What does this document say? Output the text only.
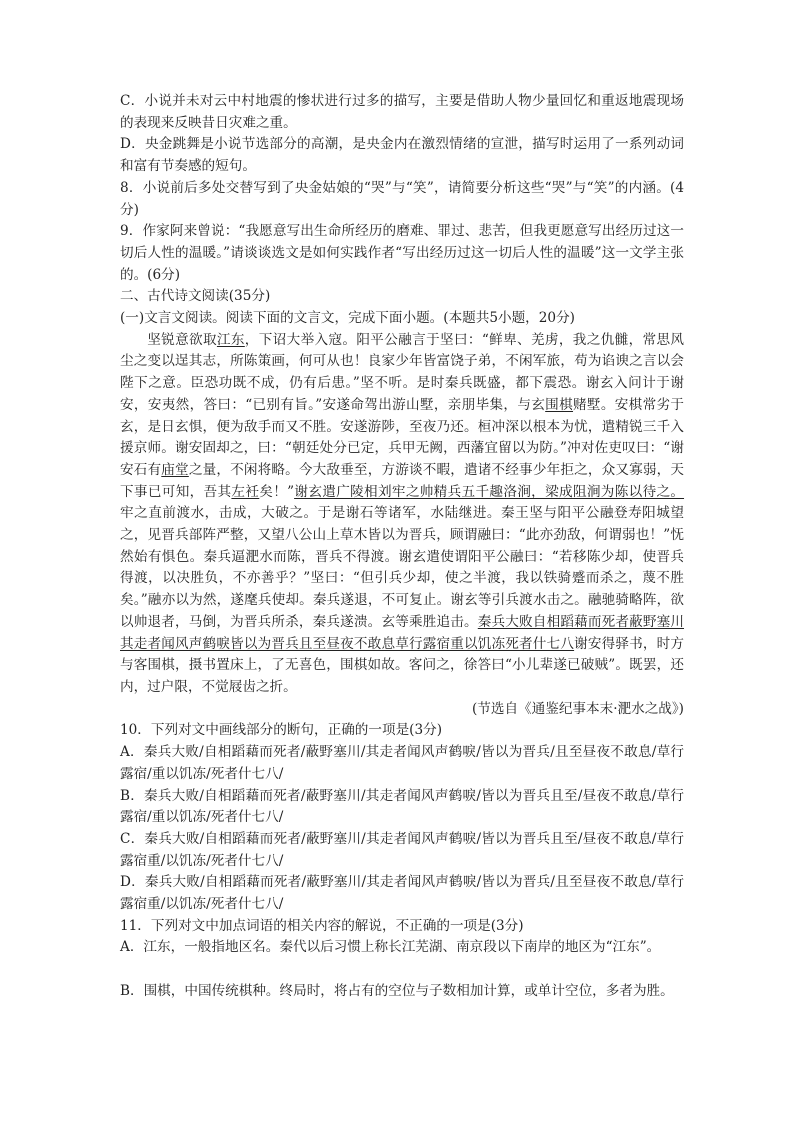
C．小说并未对云中村地震的惨状进行过多的描写，主要是借助人物少量回忆和重返地震现场的表现来反映昔日灾难之重。

D．央金跳舞是小说节选部分的高潮，是央金内在激烈情绪的宣泄，描写时运用了一系列动词和富有节奏感的短句。

8．小说前后多处交替写到了央金姑娘的“哭”与“笑”，请简要分析这些“哭”与“笑”的内涵。(4分)

9．作家阿来曾说：“我愿意写出生命所经历的磨难、罪过、悲苦，但我更愿意写出经历过这一切后人性的温暖。”请谈谈选文是如何实践作者“写出经历过这一切后人性的温暖”这一文学主张的。(6分)

二、古代诗文阅读(35分)

(一)文言文阅读。阅读下面的文言文，完成下面小题。(本题共5小题，20分)

坚锐意欲取江东，下诏大举入寇。阳平公融言于坚曰：“鲜卑、羌虏，我之仇雠，常思风尘之变以逞其志，所陈策画，何可从也！良家少年皆富饶子弟，不闲军旅，苟为谄谀之言以会陛下之意。臣恐功既不成，仍有后患。”坚不听。是时秦兵既盛，都下震恐。谢玄入问计于谢安，安夷然，答曰：“已别有旨。”安遂命驾出游山墅，亲朋毕集，与玄围棋赌墅。安棋常劣于玄，是日玄惧，便为敌手而又不胜。安遂游陟，至夜乃还。桓冲深以根本为忧，遣精锐三千入援京师。谢安固却之，曰：“朝廷处分已定，兵甲无阙，西藩宜留以为防。”冲对佐吏叹曰：“谢安石有庙堂之量，不闲将略。今大敌垂至，方游谈不暇，遣诸不经事少年拒之，众又寡弱，天下事已可知，吾其左衽矣！”谢玄遣广陵相刘牢之帅精兵五千趣洛涧，梁成阻涧为陈以待之。牢之直前渡水，击成，大破之。于是谢石等诸军，水陆继进。秦王坚与阳平公融登寿阳城望之，见晋兵部阵严整，又望八公山上草木皆以为晋兵，顾谓融曰：“此亦劲敌，何谓弱也！”怃然始有惧色。秦兵逼淝水而陈，晋兵不得渡。谢玄遣使谓阳平公融曰：“若移陈少却，使晋兵得渡，以决胜负，不亦善乎？”坚曰：“但引兵少却，使之半渡，我以铁骑蹙而杀之，蔑不胜矣。”融亦以为然，遂麾兵使却。秦兵遂退，不可复止。谢玄等引兵渡水击之。融驰骑略阵，欲以帅退者，马倒，为晋兵所杀，秦兵遂溃。玄等乘胜追击。秦兵大败自相蹈藉而死者蔽野塞川其走者闻风声鹤唳皆以为晋兵且至昼夜不敢息草行露宿重以饥冻死者什七八谢安得驿书，时方与客围棋，摄书置床上，了无喜色，围棋如故。客问之，徐答曰“小儿辈遂已破贼”。既罢，还内，过户限，不觉屐齿之折。

(节选自《通鉴纪事本末·淝水之战》)

10．下列对文中画线部分的断句，正确的一项是(3分)

A．秦兵大败/自相蹈藉而死者/蔽野塞川/其走者闻风声鹤唳/皆以为晋兵/且至昼夜不敢息/草行露宿/重以饥冻/死者什七八/

B．秦兵大败/自相蹈藉而死者/蔽野塞川/其走者闻风声鹤唳/皆以为晋兵且至/昼夜不敢息/草行露宿/重以饥冻/死者什七八/

C．秦兵大败/自相蹈藉而死者/蔽野塞川/其走者闻风声鹤唳/皆以为晋兵且至/昼夜不敢息/草行露宿重/以饥冻/死者什七八/

D．秦兵大败/自相蹈藉而死者/蔽野塞川/其走者闻风声鹤唳/皆以为晋兵/且至昼夜不敢息/草行露宿重/以饥冻/死者什七八/

11．下列对文中加点词语的相关内容的解说，不正确的一项是(3分)

A．江东，一般指地区名。秦代以后习惯上称长江芜湖、南京段以下南岸的地区为“江东”。

B．围棋，中国传统棋种。终局时，将占有的空位与子数相加计算，或单计空位，多者为胜。
